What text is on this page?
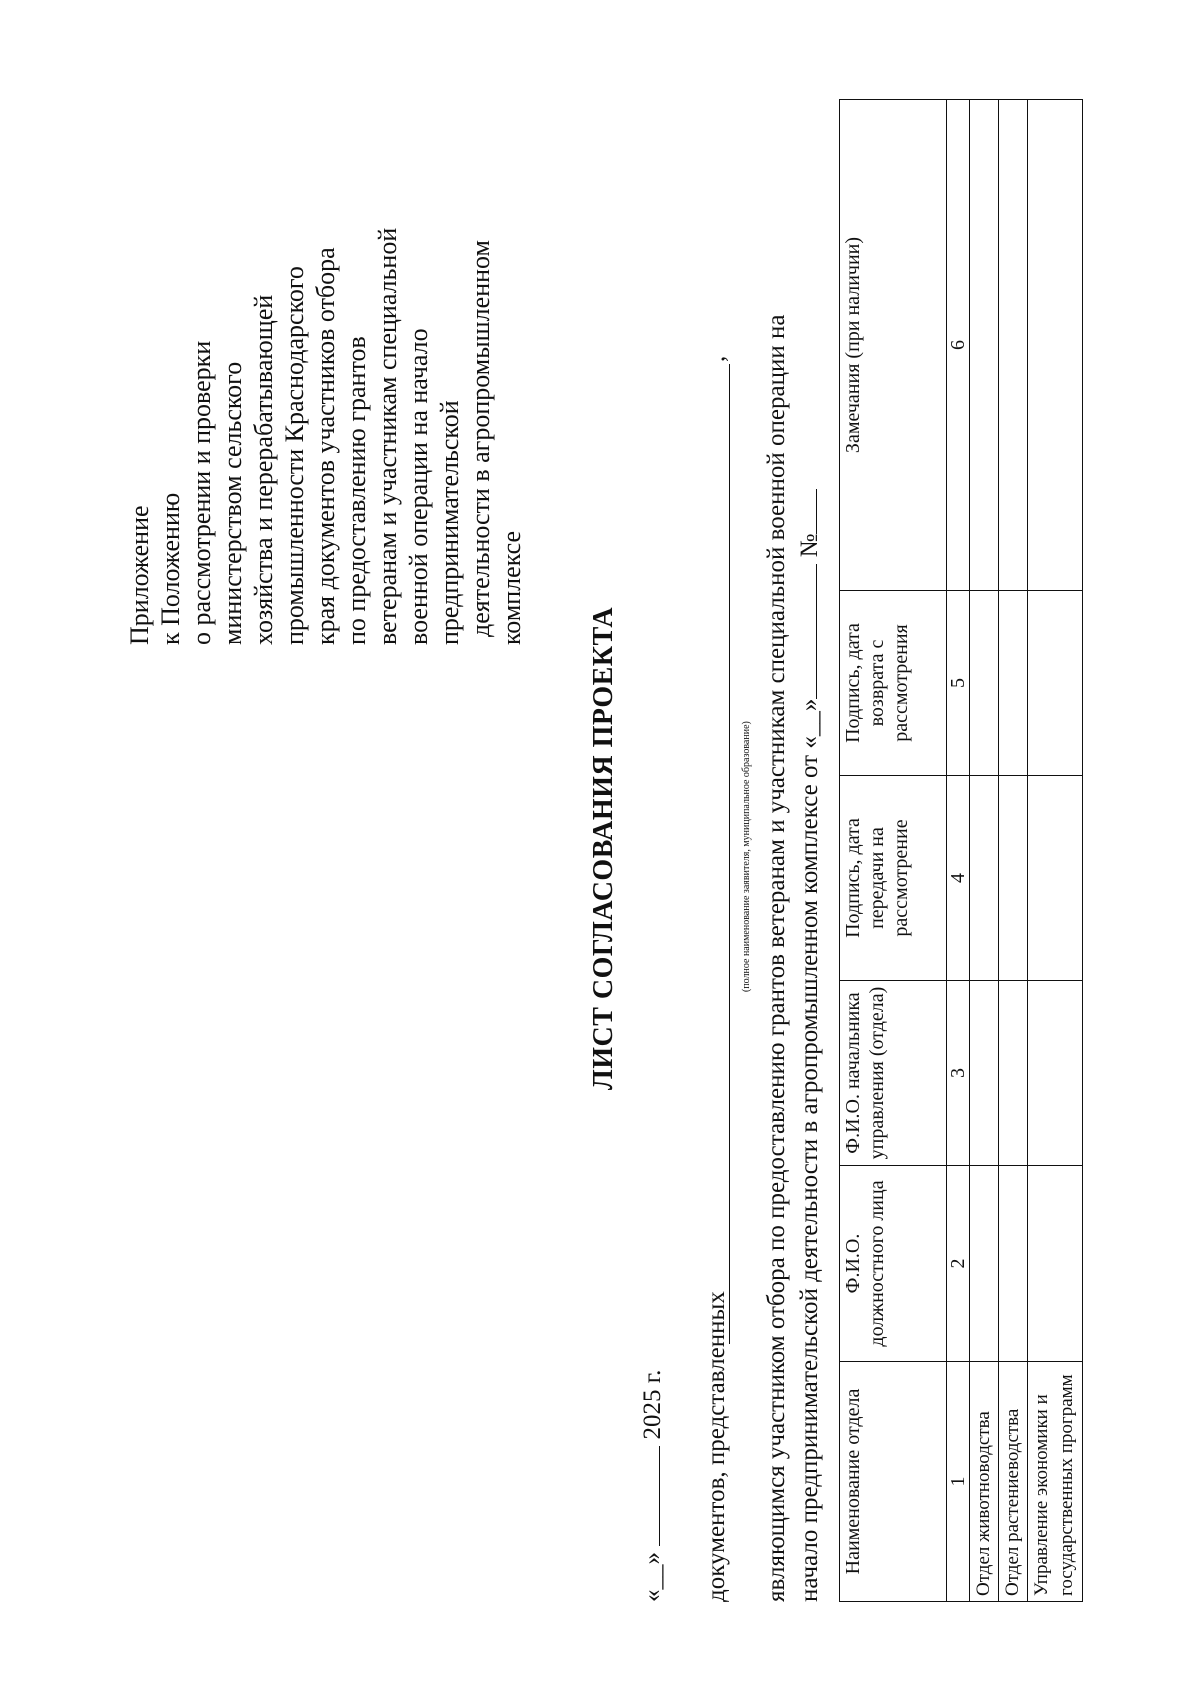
Приложение к Положению о рассмотрении и проверки министерством сельского хозяйства и перерабатывающей промышленности Краснодарского края документов участников отбора по предоставлению грантов ветеранам и участникам специальной военной операции на начало предпринимательской деятельности в агропромышленном комплексе
ЛИСТ СОГЛАСОВАНИЯ ПРОЕКТА
«__»  2025 г. документов, представленных
,
(полное наименование заявителя, муниципальное образование) являющимся участником отбора по предоставлению грантов ветеранам и участникам специальной военной операции на начало предпринимательской деятельности в агропромышленном комплексе от «__» №
Наименование отдела	Ф.И.О. должностного лица	Ф.И.О. начальника управления (отдела)	Подпись, дата передачи на рассмотрение	Подпись, дата возврата с рассмотрения	Замечания (при наличии)
1	2	3	4	5	6
Отдел животноводства					
Отдел растениеводства					
Управление экономики и государственных программ					
